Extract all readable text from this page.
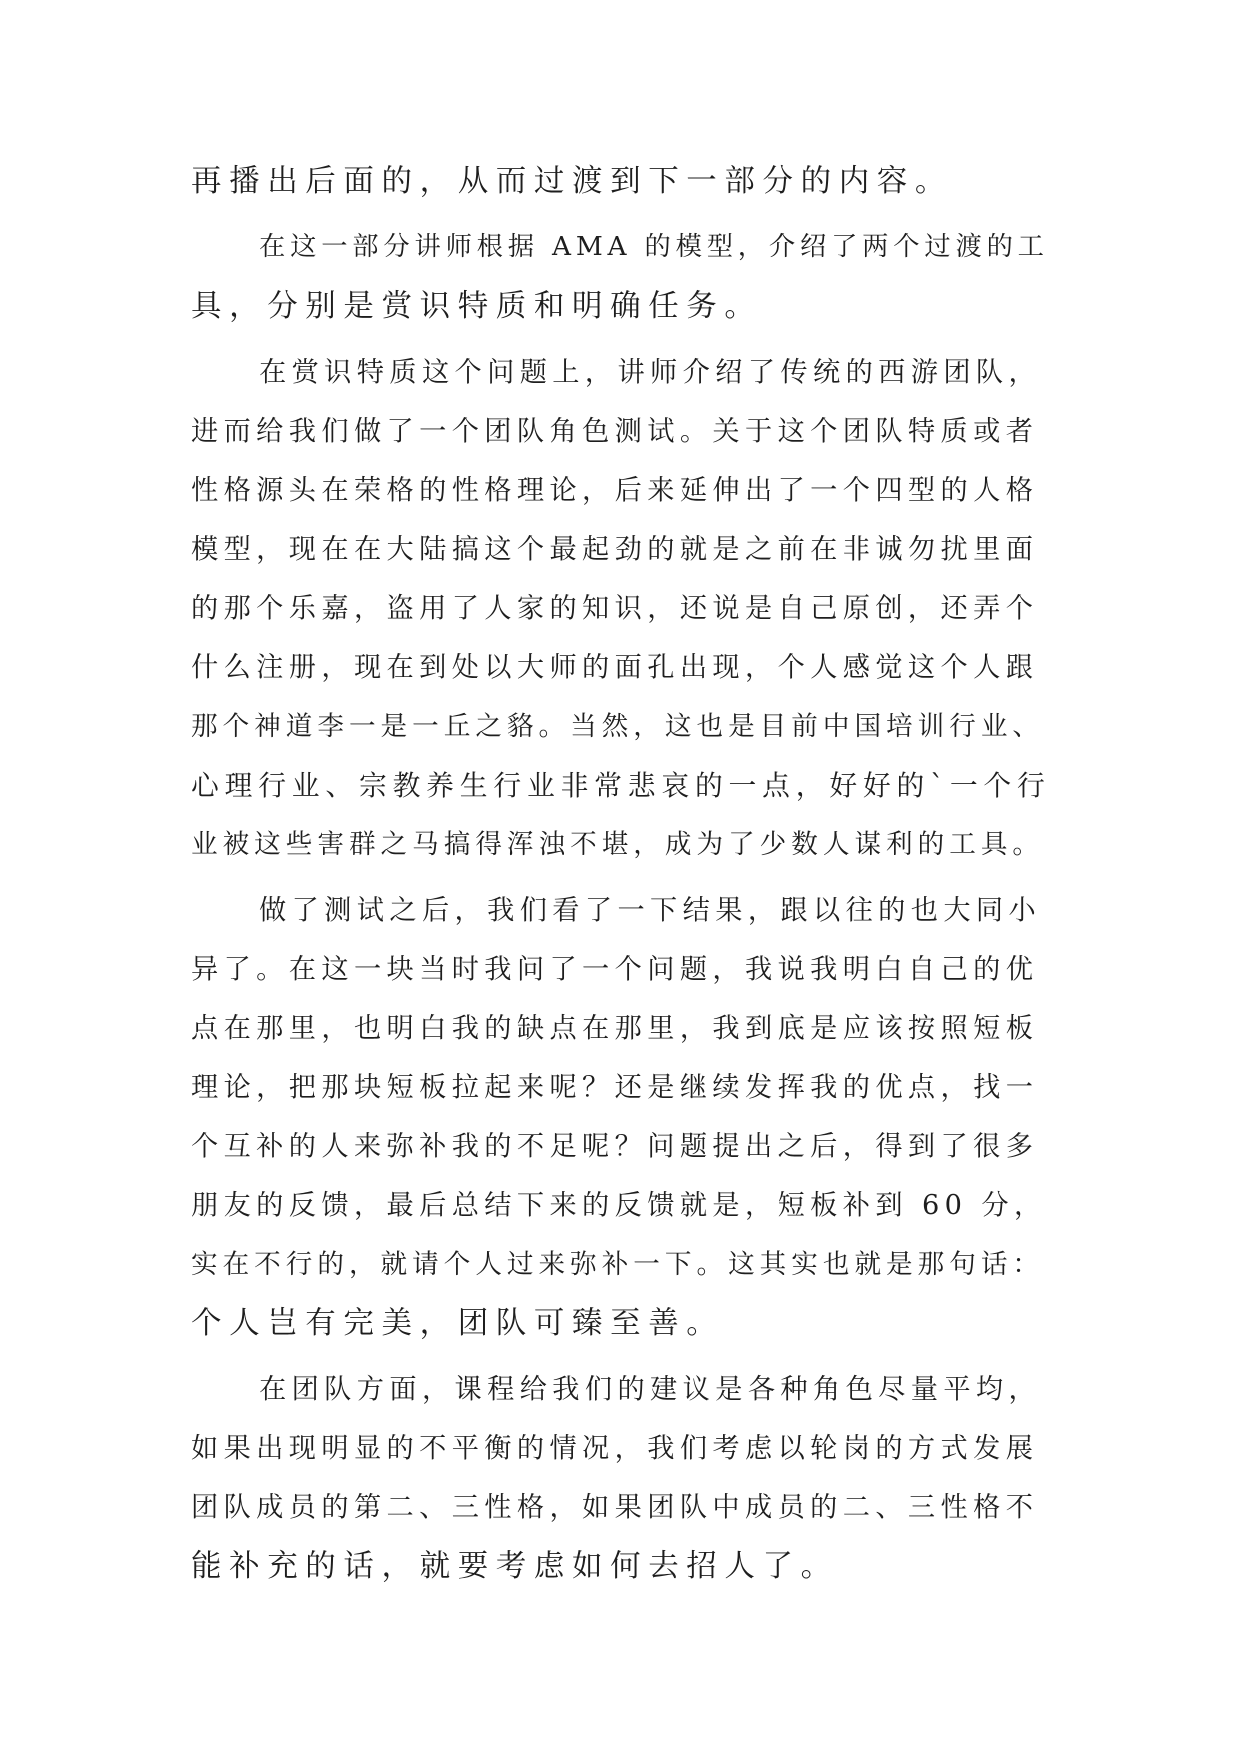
再播出后面的，从而过渡到下一部分的内容。
在这一部分讲师根据 AMA 的模型，介绍了两个过渡的工
具，分别是赏识特质和明确任务。
在赏识特质这个问题上，讲师介绍了传统的西游团队，
进而给我们做了一个团队角色测试。关于这个团队特质或者
性格源头在荣格的性格理论，后来延伸出了一个四型的人格
模型，现在在大陆搞这个最起劲的就是之前在非诚勿扰里面
的那个乐嘉，盗用了人家的知识，还说是自己原创，还弄个
什么注册，现在到处以大师的面孔出现，个人感觉这个人跟
那个神道李一是一丘之貉。当然，这也是目前中国培训行业、
心理行业、宗教养生行业非常悲哀的一点，好好的`一个行
业被这些害群之马搞得浑浊不堪，成为了少数人谋利的工具。
做了测试之后，我们看了一下结果，跟以往的也大同小
异了。在这一块当时我问了一个问题，我说我明白自己的优
点在那里，也明白我的缺点在那里，我到底是应该按照短板
理论，把那块短板拉起来呢？还是继续发挥我的优点，找一
个互补的人来弥补我的不足呢？问题提出之后，得到了很多
朋友的反馈，最后总结下来的反馈就是，短板补到 60 分，
实在不行的，就请个人过来弥补一下。这其实也就是那句话：
个人岂有完美，团队可臻至善。
在团队方面，课程给我们的建议是各种角色尽量平均，
如果出现明显的不平衡的情况，我们考虑以轮岗的方式发展
团队成员的第二、三性格，如果团队中成员的二、三性格不
能补充的话，就要考虑如何去招人了。
